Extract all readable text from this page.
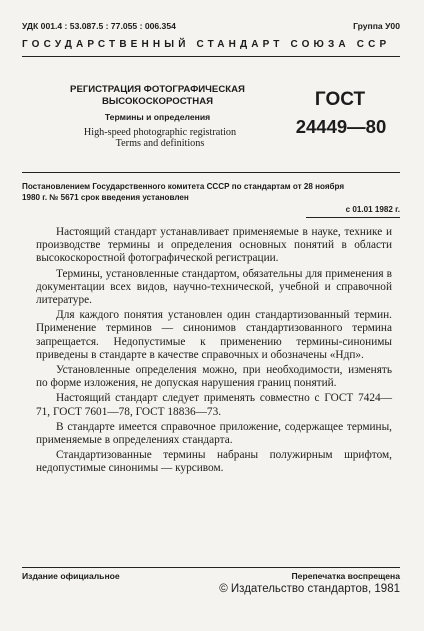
УДК 001.4 : 53.087.5 : 77.055 : 006.354	Группа У00
ГОСУДАРСТВЕННЫЙ СТАНДАРТ СОЮЗА ССР
РЕГИСТРАЦИЯ ФОТОГРАФИЧЕСКАЯ
ВЫСОКОСКОРОСТНАЯ
Термины и определения
High-speed photographic registration
Terms and definitions
ГОСТ
24449—80
Постановлением Государственного комитета СССР по стандартам от 28 ноября
1980 г. № 5671 срок введения установлен
с 01.01 1982 г.

Настоящий стандарт устанавливает применяемые в науке, технике и производстве термины и определения основных понятий в области высокоскоростной фотографической регистрации.

Термины, установленные стандартом, обязательны для применения в документации всех видов, научно-технической, учебной и справочной литературе.

Для каждого понятия установлен один стандартизованный термин. Применение терминов — синонимов стандартизованного термина запрещается. Недопустимые к применению термины-синонимы приведены в стандарте в качестве справочных и обозначены «Ндп».

Установленные определения можно, при необходимости, изменять по форме изложения, не допуская нарушения границ понятий.

Настоящий стандарт следует применять совместно с ГОСТ 7424—71, ГОСТ 7601—78, ГОСТ 18836—73.

В стандарте имеется справочное приложение, содержащее термины, применяемые в определениях стандарта.

Стандартизованные термины набраны полужирным шрифтом, недопустимые синонимы — курсивом.

Издание официальное	Перепечатка воспрещена
© Издательство стандартов, 1981
